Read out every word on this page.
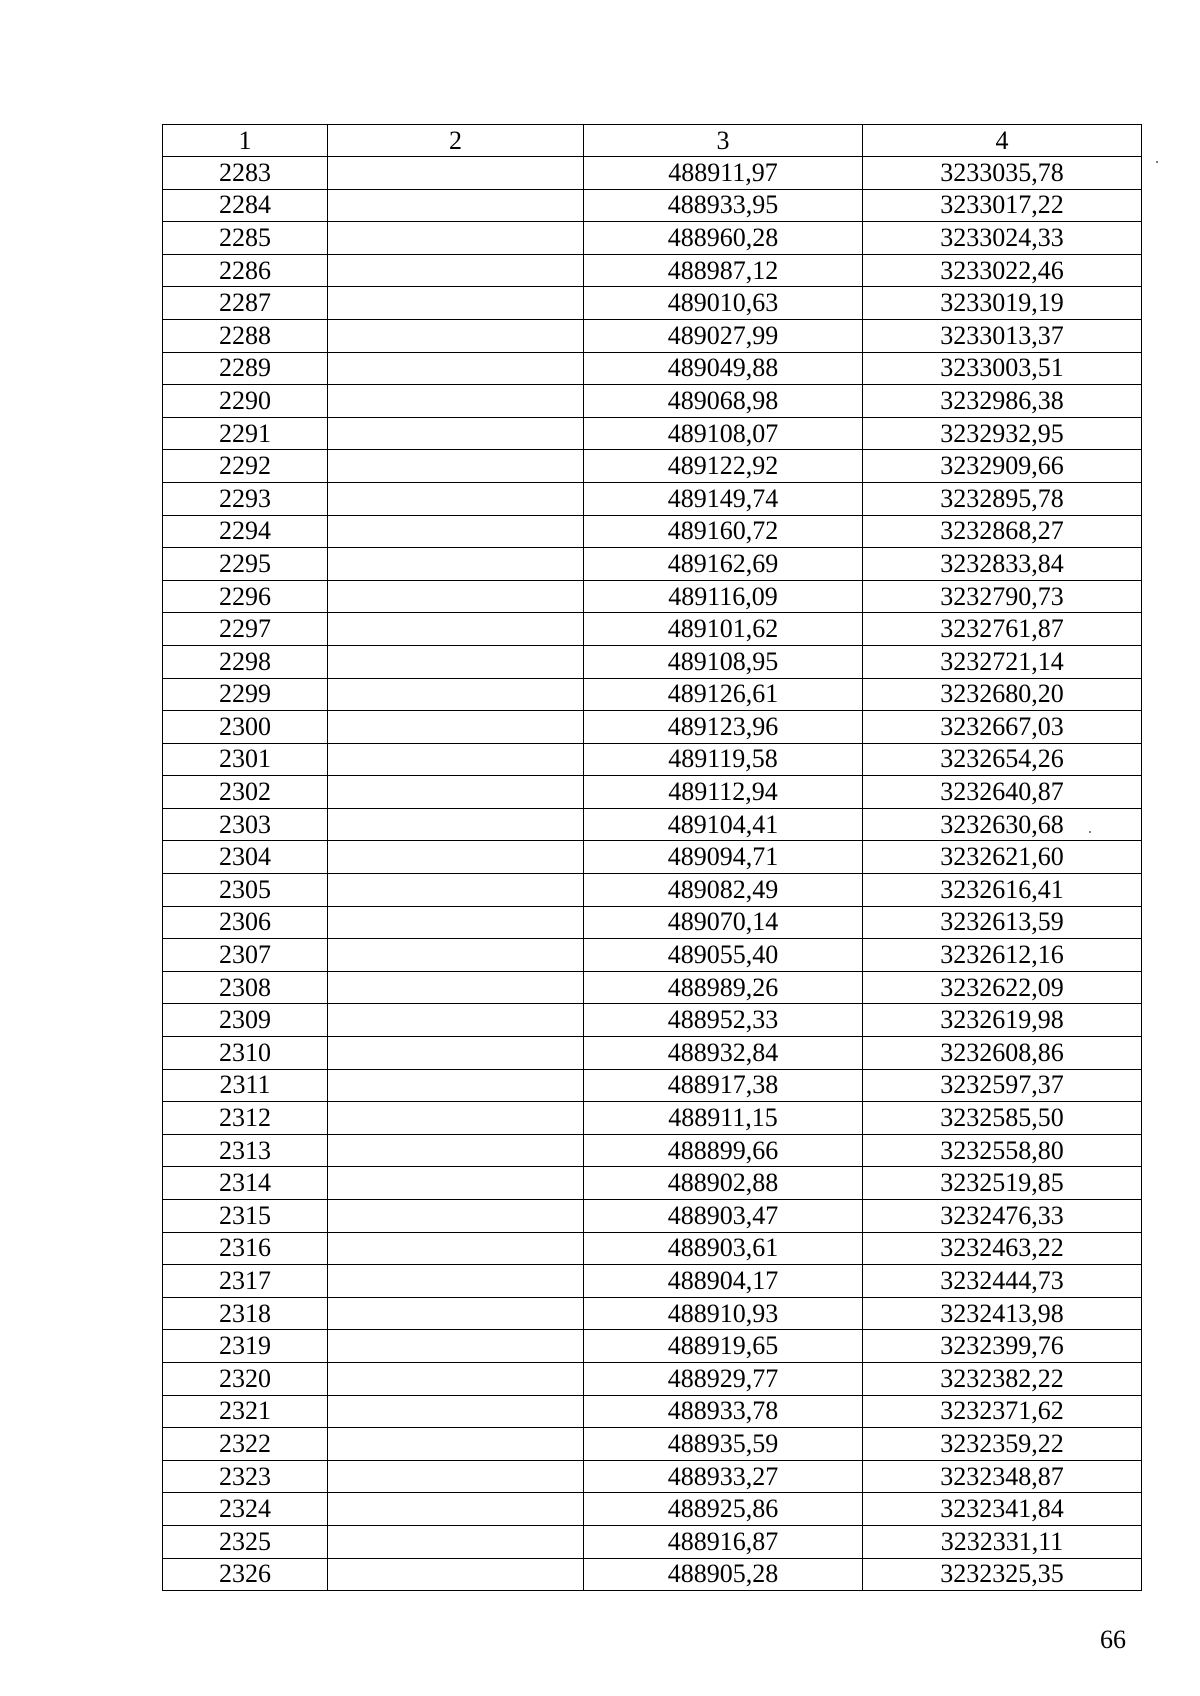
1	2	3	4
2283		488911,97	3233035,78
2284		488933,95	3233017,22
2285		488960,28	3233024,33
2286		488987,12	3233022,46
2287		489010,63	3233019,19
2288		489027,99	3233013,37
2289		489049,88	3233003,51
2290		489068,98	3232986,38
2291		489108,07	3232932,95
2292		489122,92	3232909,66
2293		489149,74	3232895,78
2294		489160,72	3232868,27
2295		489162,69	3232833,84
2296		489116,09	3232790,73
2297		489101,62	3232761,87
2298		489108,95	3232721,14
2299		489126,61	3232680,20
2300		489123,96	3232667,03
2301		489119,58	3232654,26
2302		489112,94	3232640,87
2303		489104,41	3232630,68
2304		489094,71	3232621,60
2305		489082,49	3232616,41
2306		489070,14	3232613,59
2307		489055,40	3232612,16
2308		488989,26	3232622,09
2309		488952,33	3232619,98
2310		488932,84	3232608,86
2311		488917,38	3232597,37
2312		488911,15	3232585,50
2313		488899,66	3232558,80
2314		488902,88	3232519,85
2315		488903,47	3232476,33
2316		488903,61	3232463,22
2317		488904,17	3232444,73
2318		488910,93	3232413,98
2319		488919,65	3232399,76
2320		488929,77	3232382,22
2321		488933,78	3232371,62
2322		488935,59	3232359,22
2323		488933,27	3232348,87
2324		488925,86	3232341,84
2325		488916,87	3232331,11
2326		488905,28	3232325,35
66
